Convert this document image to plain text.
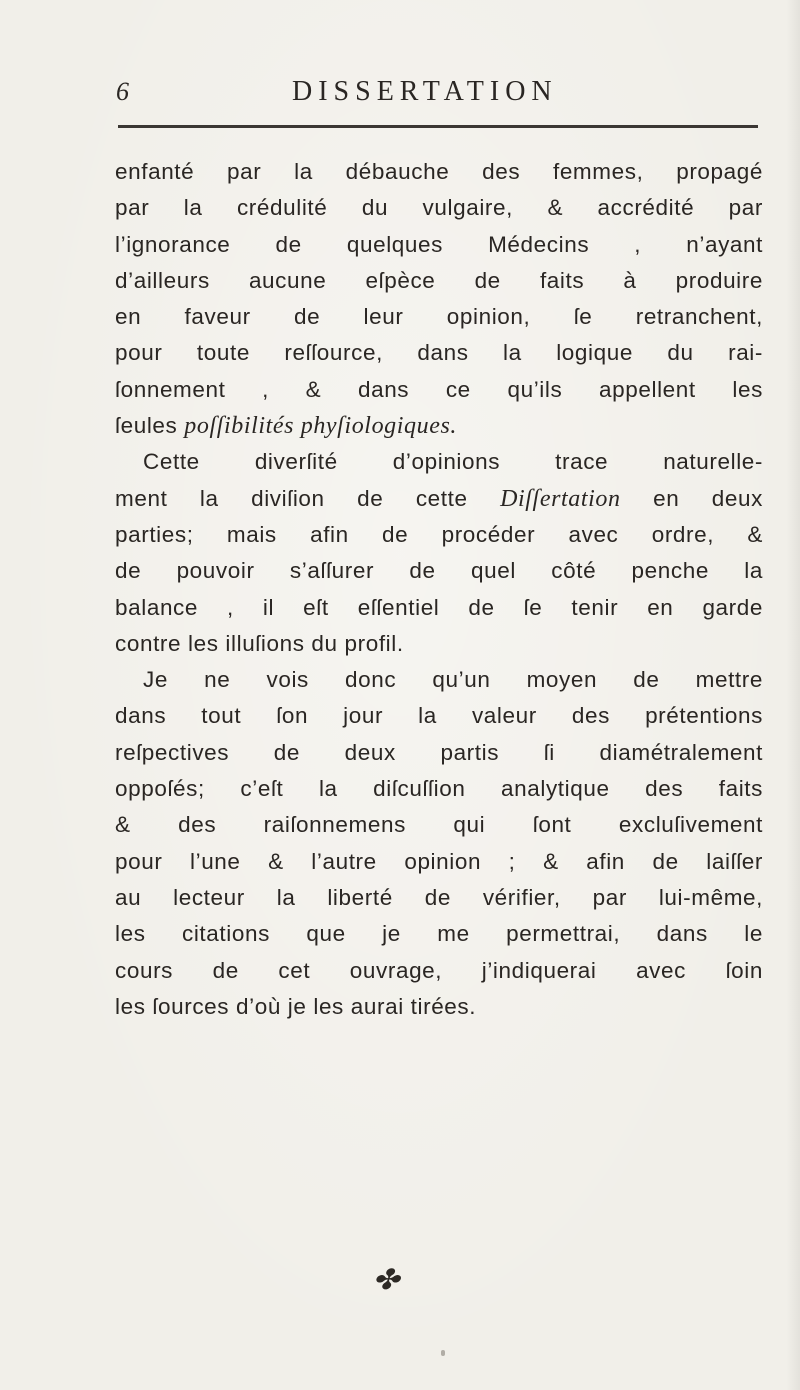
6	DISSERTATION
enfanté par la débauche des femmes, propagé
par la crédulité du vulgaire, & accrédité par
l’ignorance de quelques Médecins , n’ayant
d’ailleurs aucune eſpèce de faits à produire
en faveur de leur opinion, ſe retranchent,
pour toute reſſource, dans la logique du rai-
ſonnement , & dans ce qu’ils appellent les
ſeules poſſibilités phyſiologiques.
Cette diverſité d’opinions trace naturelle-
ment la diviſion de cette Diſſertation en deux
parties; mais afin de procéder avec ordre, &
de pouvoir s’aſſurer de quel côté penche la
balance , il eſt eſſentiel de ſe tenir en garde
contre les illuſions du profil.
Je ne vois donc qu’un moyen de mettre
dans tout ſon jour la valeur des prétentions
reſpectives de deux partis ſi diamétralement
oppoſés; c’eſt la diſcuſſion analytique des faits
& des raiſonnemens qui ſont excluſivement
pour l’une & l’autre opinion ; & afin de laiſſer
au lecteur la liberté de vérifier, par lui-même,
les citations que je me permettrai, dans le
cours de cet ouvrage, j’indiquerai avec ſoin
les ſources d’où je les aurai tirées.
✤
